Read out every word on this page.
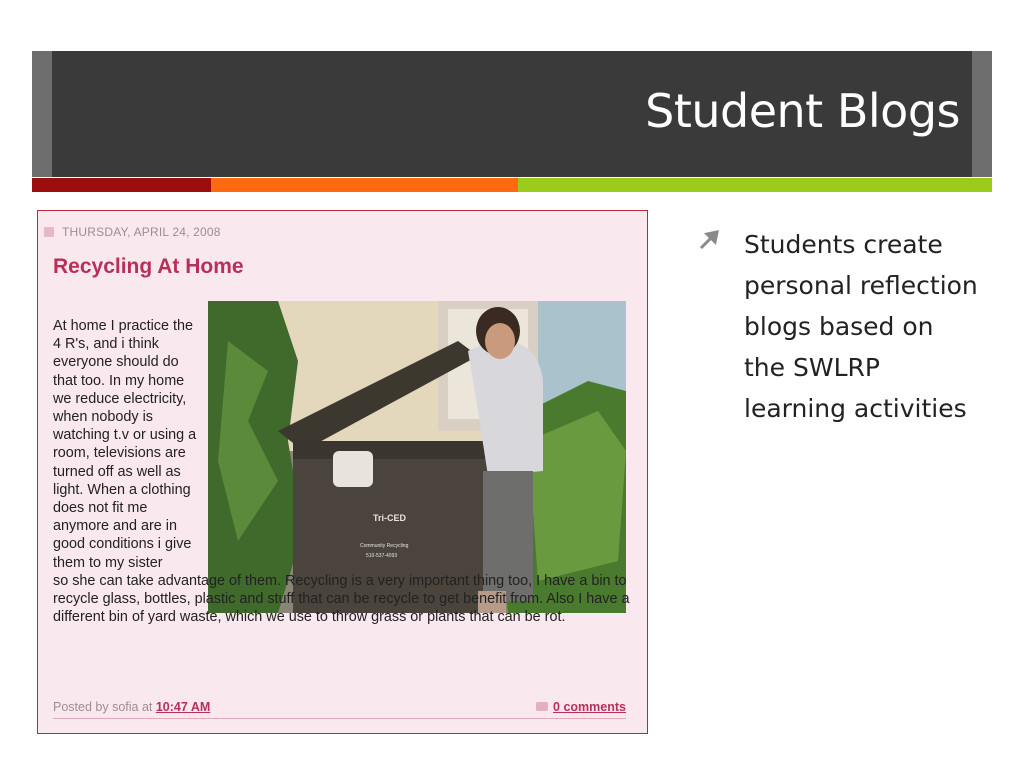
Student Blogs
THURSDAY, APRIL 24, 2008
Recycling At Home
Tri-CED
Community Recycling
510-537-4093

At home I practice the 4 R's, and i think everyone should do that too. In my home we reduce electricity, when nobody is watching t.v or using a room, televisions are turned off as well as light. When a clothing does not fit me anymore and are in good conditions i give them to my sister
so she can take advantage of them. Recycling is a very important thing too, I have a bin to recycle glass, bottles, plastic and stuff that can be recycle to get benefit from. Also I have a different bin of yard waste, which we use to throw grass or plants that can be rot.

Posted by sofia at 10:47 AM	0 comments

Students create personal reflection blogs based on the SWLRP learning activities
